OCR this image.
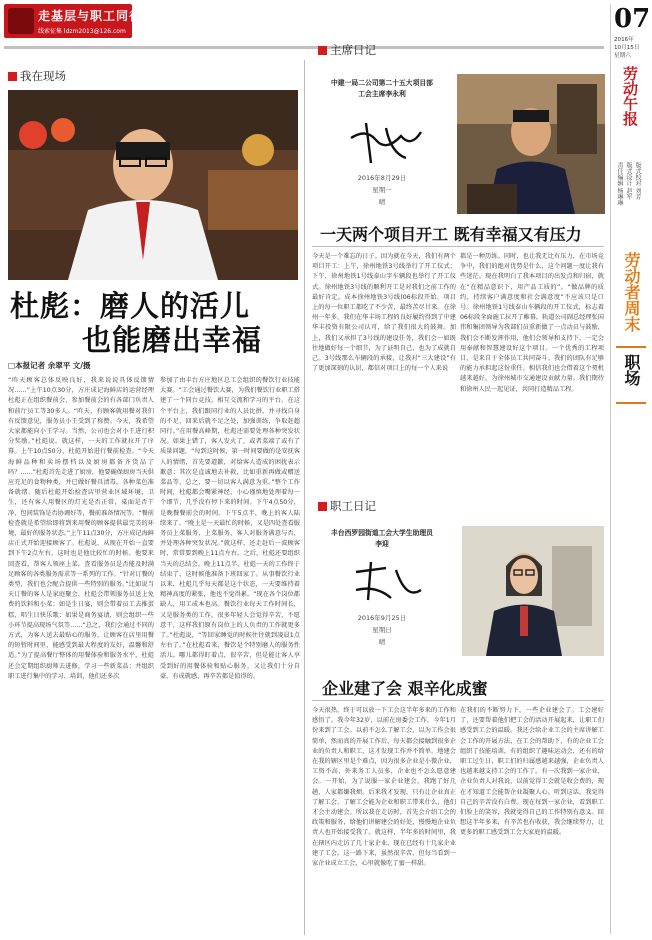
走基层与职工同行
线索征集 ldzm2013@126.com
我在现场
杜彪：磨人的活儿
也能磨出幸福
□本报记者 余翠平 文/摄
“昨天顾客总体反映良好，我来说说具体反馈情况……”上午10点30分，方庄成记海鲜店的运营经理杜彪正在组织餐前会，参加餐前会的有各部门负责人和前厅员工等30多人。“昨天，有顾客就用餐对我们有反馈意见，服务员小王受到了称赞。今天，我希望大家都能向小王学习。当然，公司也会对小王进行积分奖励。”杜彪说。就这样，一天的工作就拉开了序幕。上午10点50分，杜彪开始进行餐前检查。“今天海鲜品种和卖场摆档以及厨房都备齐货品了吗？……”杜彪首先走进了厨房，他要确保厨房当天供应充足的食物种类，并已做好餐具清毒，各种菜色准备就绪。随后杜彪开始检查店里营业区域环境，卫生，还有客人用餐区的灯光是否正常，桌面是否干净，包间装饰是否协调好等，餐前准备情况等。“餐前检查就是希望给即将到来用餐的顾客提供最完美的环境，最好的服务状态。”上午11点30分，方庄成记海鲜店正式开始迎接顾客了。杜彪说，从现在开始一直要到下午2点左右，这时也是他比较忙的时候。他要来回查看，帮客人领座上菜，查看服务员是否能及时满足顾客的各类服务需求等一系列的工作。“针对订餐的类型，我们也会配合提供一些特别的服务。”比如说当天订餐的客人是家庭聚会，杜彪会带领服务员送上免费的饮料和小菜；如是生日宴，则会带着员工去推蛋糕，唱生日快乐歌；如果是商务宴请，则会组织一些小环节提高现场气氛等……“总之，我们会通过不同的方式，为客人送去最贴心的服务，让顾客在店里用餐的短暂时间里，能感受到最大程度的友好，温馨和舒适。”为了提高餐厅整体的用餐体验和服务水平，杜彪还会定期组织厨师去进修，学习一些新菜品；并组织职工进行集中的学习、培训，他们还多次
参加了由丰台方庄地区总工会组织的餐饮行业技能大赛。“工会通过餐饮大赛，为我们餐饮行业职工搭建了一个同台竞技，相互交流和学习的平台。在这个平台上，我们跟同行业的人员比拼，并寻找自身的不足，回来后就不足之处，加强训练，争取赶超同行。”在用餐高峰期，杜彪还需要处理各种突发状况。如果上错了，客人发火了，或者菜端了或有了质量问题，“每到这时候，第一时间要做的是安抚客人的情绪，首先要道歉，对给客人造成的困扰表示歉意；其次是直诚地去补救，比如重新再做或赠送菜品等，总之，要一切以客人满意为重。”整个工作时间，杜彪都会嘴紧神经，小心谨慎地处理着每一个细节，几乎没有停下来的时间。下午4点50分，是晚餐餐前会的时间。下午5点半，晚上的客人陆续来了。“晚上是一天最忙的时候，又是四处查看服务员上菜服务，上菜服务，客人对服务满意与否，并处理各种突发状况。”就这样，还走赶后一波顾客时，常常要到晚上11点左右。之后，杜彪还要组织当天的总结会。晚上11点半，杜彪一天的工作终于结束了，这时候他准备下班回家了。从事餐饮行业以来，杜彪几乎每天都是这个状态，一天要维持着精神高度的紧张，他也不觉得累。“现在各个岗位都缺人，用工成本也高。餐饮行业每天工作时间长，又是服务类的工作，很多年轻人会觉得辛苦，不愿意干，这样我们原有岗位上的人负责的工作就更多了。”杜彪说，“等回家睡觉的时候往往就到凌晨1点左右了。”在杜彪看来，餐饮是个特别磨人的服务性活儿。哪儿都得盯着点，很辛苦，但是能让客人享受到好的用餐体验和贴心服务，又让我们十分自豪，有成就感，再辛苦都是值得的。
主席日记
中建一局二公司第二十五大项目部
工会主席李永利
2016年8月29日
星期一
晴
一天两个项目开工 既有幸福又有压力
今天是一个难忘的日子。因为就在今天，我们有两个项目开工：上午，徐州地铁3号线举行了开工仪式；下午，徐州地铁1号线泰山字车辆段也举行了开工仪式。徐州地铁3号线的顺利开工是对我们之前工作的最好肯定。成本徐州地铁3号线(06标段开始，项目上的每一位职工都吃了不少苦，最终苦尽甘来。在徐州一年多，我们在华丰场工程的良好履约得到了中建华丰投资有限公司认可，给了我们很大的鼓舞。加上，我们又承担了3号线的建设任务，我们会一如既往地做好每一个细节，为了证明自己，也为了成就自己。3号线那么车辆段的承接，让我对“三大建设”有了更加深刻的认识，都信对项目上的每一个人来说
都是一种历练。同时，也让我无比有压力，在市场竞争中，我们的绝对优势是什么，这个问题一度让我有些迷茫。现在我明白了我本项目的出发点和归宿，就在“在精品意识下，用产品工质的”。“做品牌的质约，持续客户满意度和社会满意度”不应该只是口号。徐州地铁1号线泰山车辆段的开工仪式，标志着06标段全面施工拉开了帷幕。轨道公司副总经理张国伟和集团领导为我部们员重新做了一点动员与鼓励，我们会不断发挥作用，他们会领导和支持下，一定会用奉献和智慧建设好这个项目。一个优秀的工程项目，是来自于全体员工共同奋斗。我们的团队有足够的能力承担起这份重任。相信我们也会借着这个契机越来越好，为徐州城市交通建设贡献力量。我们期待和徐州人民一起见证，共同打造精品工程。
职工日记
丰台西罗园街道工会大学生助理员
李迎
2016年9月25日
星期日
晴
企业建了会 艰辛化成蜜
今天很热，终于可以放一下工会这半年多来的工作和感悟了。我今年32岁，以前在房委会工作，今年1月份来到了工会。以前不怎么了解工会，以为工作会很简单，然而真的开展工作后，每天都会接触到很多企业的负责人和职工，这才发现工作并不简单。地建会在我的辖区里是个难点，因为很多企业是小微企业，工资不高，外来务工人员多，企业也不怎么愿意建会。一开始，为了说服一家企业建会，我跑了好几趟，人家都嫌我烦。后来我才发现，只有让企业真正了解工会、了解工会能为企业和职工带来什么，他们才会主动建会。所以我在走访时，首先会介绍工会的政策和服务，给他们讲解建会的好处，慢慢地企业负责人也开始接受我了。就这样，半年多的时间里，我在辖区内走访了几十家企业，现在已经有十几家企业建了工会。这一路下来，虽然很辛苦，但每当看到一家企业成立工会，心里就像吃了蜜一样甜。
在我们的不断努力下，一些企业建会了。工会建好了，还要帮着他们把工会的活动开展起来，让职工们感受到工会的温暖。我还会给企业工会的主席讲解工会工作的开展方法，在工会的帮助下，有的企业工会组织了技能培训，有的组织了趣味运动会，还有的给职工过生日，职工们的归属感越来越强，企业负责人也越来越支持工会的工作了。有一次我到一家企业，企业负责人对我说，以前觉得工会就是收会费的，现在才知道工会能帮企业凝聚人心。听到这话，我觉得自己的辛苦没有白费。现在每到一家企业，看到职工们脸上的笑容，我就觉得自己的工作特别有意义。回想这半年多来，有辛苦也有收获，我会继续努力，让更多的职工感受到工会大家庭的温暖。
07
2016年
10月15日
星期六
劳动午报
责任编辑 杨琳琳 版式设计 赵军 版式校对 刘芳
劳动者周末
职场
